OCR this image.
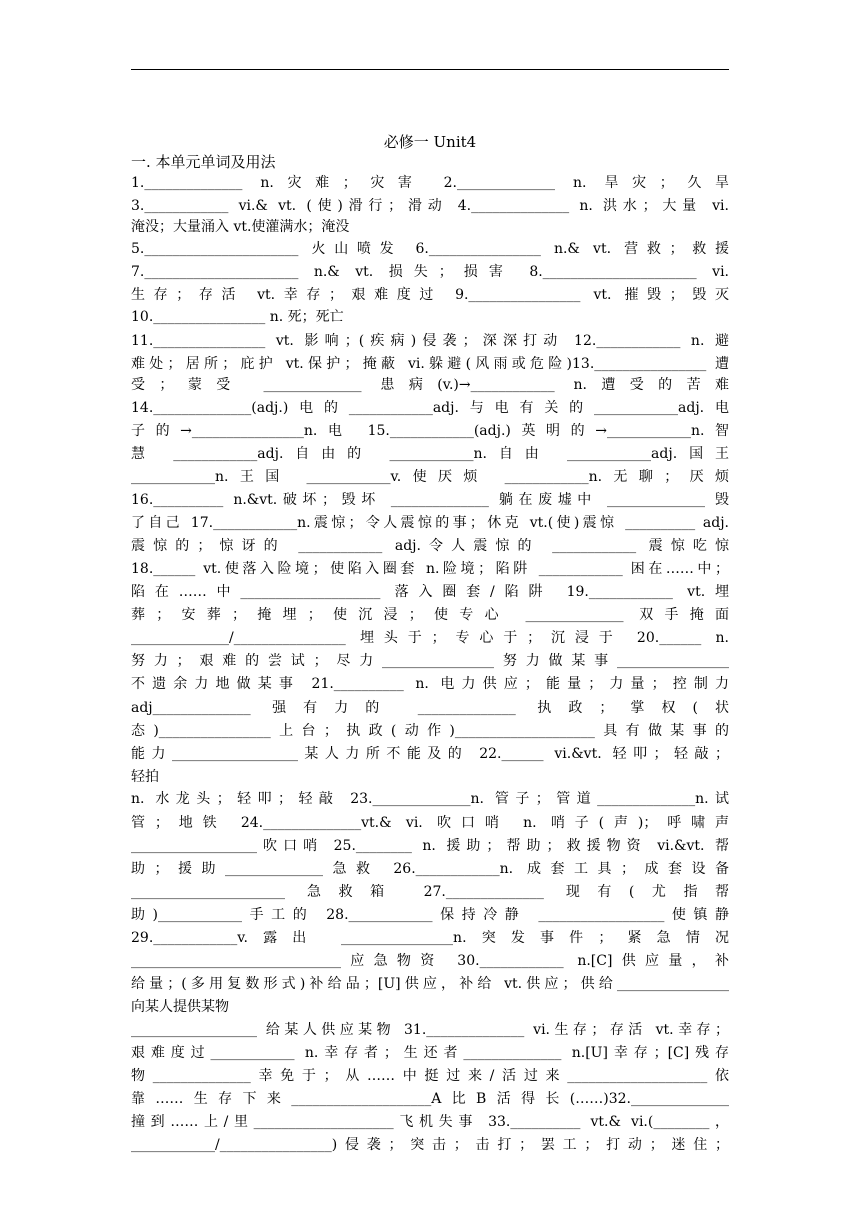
必修一 Unit4
一. 本单元单词及用法
1.______________ n.灾难；灾害 2.______________ n. 旱灾；久旱
3.____________ vi.& vt. (使)滑行；滑动 4.______________ n. 洪水；大量 vi.
淹没；大量涌入 vt.使灌满水；淹没
5.______________________ 火山喷发 6.________________ n.& vt. 营救；救援
7.______________________ n.& vt. 损失；损害 8.______________________ vi.
生存；存活 vt.幸存；艰难度过 9.________________ vt. 摧毁；毁灭
10.________________ n. 死；死亡
11.________________ vt. 影响；(疾病)侵袭；深深打动 12.____________ n. 避
难处；居所；庇护 vt.保护；掩蔽 vi.躲避(风雨或危险)13.________________ 遭
受；蒙受 ______________ 患病(v.)→____________ n.遭受的苦难
14.______________(adj.)电的____________adj.与电有关的____________adj.电
子的→________________n.电 15.____________(adj.)英明的→____________n.智
慧 ____________adj.自由的 ____________n.自由 ____________adj.国王
____________n.王国 ____________v.使厌烦 ____________n.无聊；厌烦
16.__________ n.&vt.破坏；毁坏 ______________ 躺在废墟中 ______________ 毁
了自己 17.____________n.震惊；令人震惊的事；休克 vt.(使)震惊 __________ adj.
震惊的；惊讶的 ____________ adj.令人震惊的 ____________ 震惊吃惊
18.______ vt.使落入险境；使陷入圈套 n.险境；陷阱 ____________ 困在……中；
陷在……中____________________ 落入圈套/陷阱 19.____________ vt.埋
葬；安葬；掩埋；使沉浸；使专心 ______________ 双手掩面
______________/________________ 埋头于；专心于；沉浸于 20.______ n.
努力；艰难的尝试；尽力________________努力做某事________________
不遗余力地做某事 21.__________ n. 电力供应；能量；力量；控制力
adj______________ 强有力的 ______________ 执政；掌权(状
态)________________上台；执政(动作)____________________具有做某事的
能力__________________某人力所不能及的 22.______ vi.&vt. 轻叩；轻敲；
轻拍
n. 水龙头；轻叩；轻敲 23.______________n. 管子；管道______________n.试
管；地铁 24.______________vt.& vi. 吹口哨 n. 哨子(声)；呼啸声
__________________吹口哨 25.________ n. 援助；帮助；救援物资 vi.&vt. 帮
助；援助______________急救 26.____________n. 成套工具；成套设备
______________________ 急救箱 27.______________ 现有(尤指帮
助)____________手工的 28.____________保持冷静 __________________使镇静
29.____________v.露出 ________________n.突发事件；紧急情况
______________________________应急物资 30.____________ n.[C]供应量，补
给量；(多用复数形式)补给品；[U]供应，补给 vt.供应；供给________________
向某人提供某物
__________________ 给某人供应某物 31.______________ vi.生存；存活 vt.幸存；
艰难度过____________ n.幸存者；生还者______________ n.[U]幸存；[C]残存
物______________幸免于；从……中挺过来/活过来____________________依
靠……生存下来____________________A比B活得长(……)32.______________
撞到……上/里____________________飞机失事 33.__________ vt.& vi.(________，
____________/________________)侵袭；突击；击打；罢工；打动；迷住；
